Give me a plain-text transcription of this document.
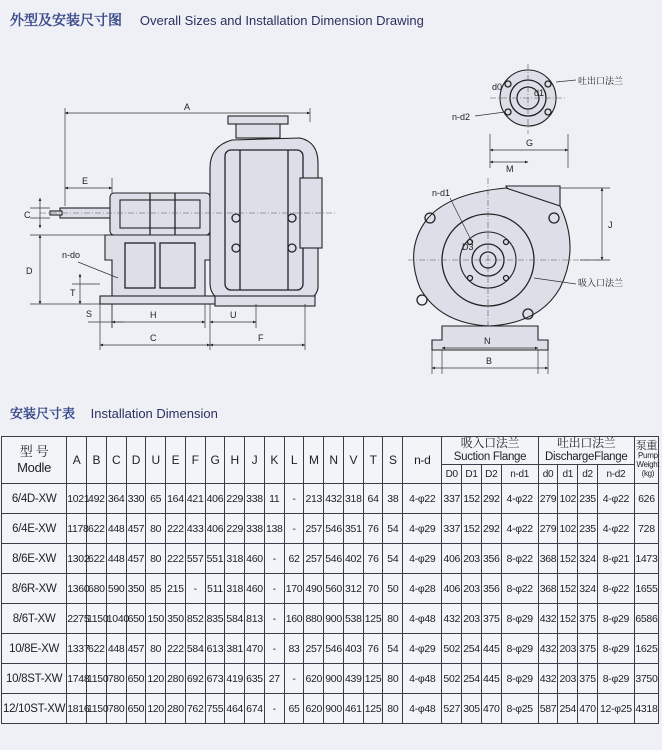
外型及安装尺寸图 Overall Sizes and Installation Dimension Drawing
A
E
C
D
n-do
T
S	H	U
C	F
d0
d1
n-d2
吐出口法兰
G
M
n-d1
D3
吸入口法兰
J
N
B
安装尺寸表 Installation Dimension
型 号
Modle	A	B	C	D	U	E	F	G	H	J	K	L	M	N	V	T	S	n-d	吸入口法兰
Suction Flange				吐出口法兰
DischargeFlange				泵重
Pump Weight (kg)
																			D0	D1	D2	n-d1	d0	d1	d2	n-d2	
6/4D-XW	1021	492	364	330	65	164	421	406	229	338	11	-	213	432	318	64	38	4-φ22	337	152	292	4-φ22	279	102	235	4-φ22	626
6/4E-XW	1178	622	448	457	80	222	433	406	229	338	138	-	257	546	351	76	54	4-φ29	337	152	292	4-φ22	279	102	235	4-φ22	728
8/6E-XW	1302	622	448	457	80	222	557	551	318	460	-	62	257	546	402	76	54	4-φ29	406	203	356	8-φ22	368	152	324	8-φ21	1473
8/6R-XW	1360	680	590	350	85	215	-	511	318	460	-	170	490	560	312	70	50	4-φ28	406	203	356	8-φ22	368	152	324	8-φ22	1655
8/6T-XW	2275	1150	1040	650	150	350	852	835	584	813	-	160	880	900	538	125	80	4-φ48	432	203	375	8-φ29	432	152	375	8-φ29	6586
10/8E-XW	1337	622	448	457	80	222	584	613	381	470	-	83	257	546	403	76	54	4-φ29	502	254	445	8-φ29	432	203	375	8-φ29	1625
10/8ST-XW	1748	1150	780	650	120	280	692	673	419	635	27	-	620	900	439	125	80	4-φ48	502	254	445	8-φ29	432	203	375	8-φ29	3750
12/10ST-XW	1816	1150	780	650	120	280	762	755	464	674	-	65	620	900	461	125	80	4-φ48	527	305	470	8-φ25	587	254	470	12-φ25	4318
